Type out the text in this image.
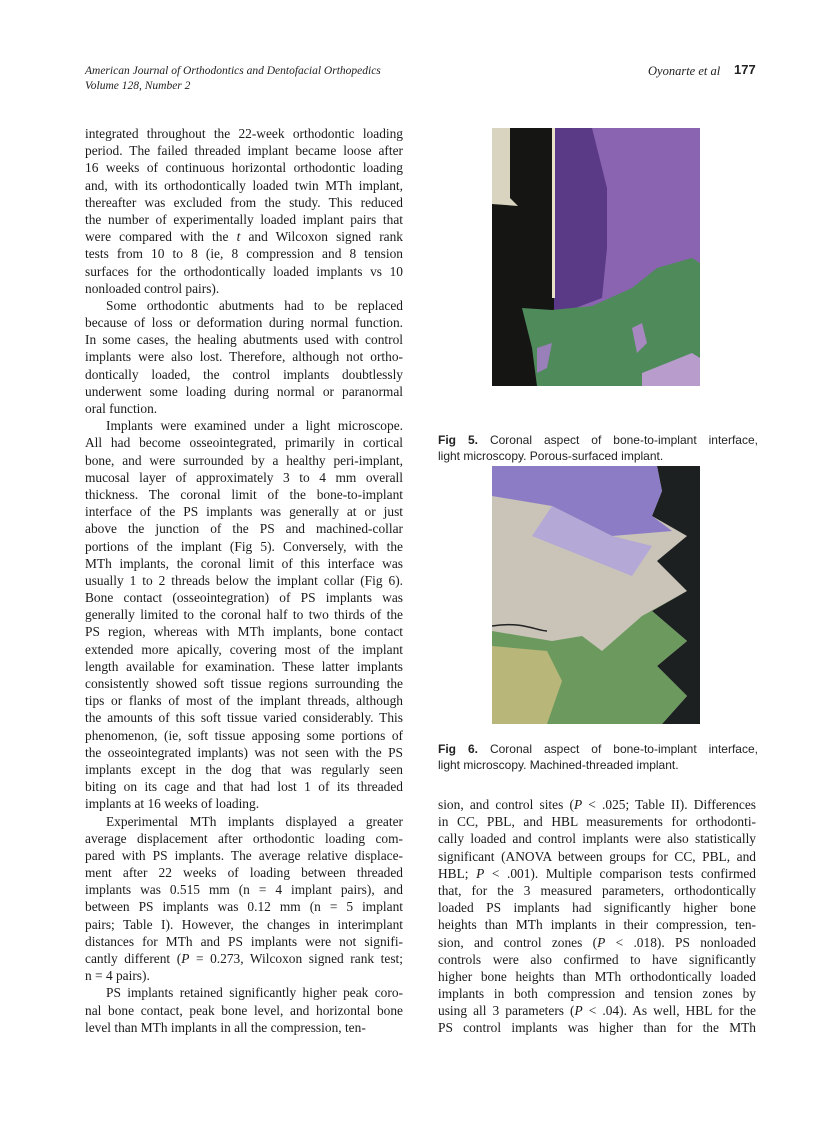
American Journal of Orthodontics and Dentofacial Orthopedics
Volume 128, Number 2
Oyonarte et al 177
integrated throughout the 22-week orthodontic loading
period. The failed threaded implant became loose after
16 weeks of continuous horizontal orthodontic loading
and, with its orthodontically loaded twin MTh implant,
thereafter was excluded from the study. This reduced
the number of experimentally loaded implant pairs that
were compared with the t and Wilcoxon signed rank
tests from 10 to 8 (ie, 8 compression and 8 tension
surfaces for the orthodontically loaded implants vs 10
nonloaded control pairs).
Some orthodontic abutments had to be replaced
because of loss or deformation during normal function.
In some cases, the healing abutments used with control
implants were also lost. Therefore, although not ortho-
dontically loaded, the control implants doubtlessly
underwent some loading during normal or paranormal
oral function.
Implants were examined under a light microscope.
All had become osseointegrated, primarily in cortical
bone, and were surrounded by a healthy peri-implant,
mucosal layer of approximately 3 to 4 mm overall
thickness. The coronal limit of the bone-to-implant
interface of the PS implants was generally at or just
above the junction of the PS and machined-collar
portions of the implant (Fig 5). Conversely, with the
MTh implants, the coronal limit of this interface was
usually 1 to 2 threads below the implant collar (Fig 6).
Bone contact (osseointegration) of PS implants was
generally limited to the coronal half to two thirds of the
PS region, whereas with MTh implants, bone contact
extended more apically, covering most of the implant
length available for examination. These latter implants
consistently showed soft tissue regions surrounding the
tips or flanks of most of the implant threads, although
the amounts of this soft tissue varied considerably. This
phenomenon, (ie, soft tissue apposing some portions of
the osseointegrated implants) was not seen with the PS
implants except in the dog that was regularly seen
biting on its cage and that had lost 1 of its threaded
implants at 16 weeks of loading.
Experimental MTh implants displayed a greater
average displacement after orthodontic loading com-
pared with PS implants. The average relative displace-
ment after 22 weeks of loading between threaded
implants was 0.515 mm (n = 4 implant pairs), and
between PS implants was 0.12 mm (n = 5 implant
pairs; Table I). However, the changes in interimplant
distances for MTh and PS implants were not signifi-
cantly different (P = 0.273, Wilcoxon signed rank test;
n = 4 pairs).
PS implants retained significantly higher peak coro-
nal bone contact, peak bone level, and horizontal bone
level than MTh implants in all the compression, ten-
sion, and control sites (P < .025; Table II). Differences
in CC, PBL, and HBL measurements for orthodonti-
cally loaded and control implants were also statistically
significant (ANOVA between groups for CC, PBL, and
HBL; P < .001). Multiple comparison tests confirmed
that, for the 3 measured parameters, orthodontically
loaded PS implants had significantly higher bone
heights than MTh implants in their compression, ten-
sion, and control zones (P < .018). PS nonloaded
controls were also confirmed to have significantly
higher bone heights than MTh orthodontically loaded
implants in both compression and tension zones by
using all 3 parameters (P < .04). As well, HBL for the
PS control implants was higher than for the MTh
Fig 5. Coronal aspect of bone-to-implant interface,
light microscopy. Porous-surfaced implant.
Fig 6. Coronal aspect of bone-to-implant interface,
light microscopy. Machined-threaded implant.
